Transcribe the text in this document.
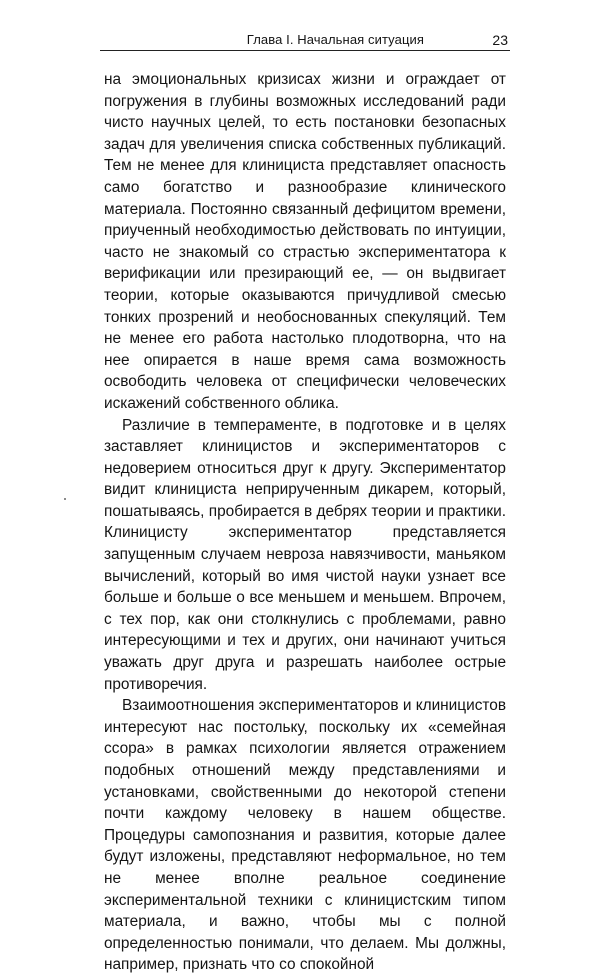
Глава I. Начальная ситуация	23

на эмоциональных кризисах жизни и ограждает от погружения в глубины возможных исследований ради чисто научных целей, то есть постановки безопасных задач для увеличения списка собственных публикаций. Тем не менее для клинициста представляет опасность само богатство и разнообразие клинического материала. Постоянно связанный дефицитом времени, приученный необходимостью действовать по интуиции, часто не знакомый со страстью экспериментатора к верификации или презирающий ее, — он выдвигает теории, которые оказываются причудливой смесью тонких прозрений и необоснованных спекуляций. Тем не менее его работа настолько плодотворна, что на нее опирается в наше время сама возможность освободить человека от специфически человеческих искажений собственного облика.

Различие в темпераменте, в подготовке и в целях заставляет клиницистов и экспериментаторов с недоверием относиться друг к другу. Экспериментатор видит клинициста неприрученным дикарем, который, пошатываясь, пробирается в дебрях теории и практики. Клиницисту экспериментатор представляется запущенным случаем невроза навязчивости, маньяком вычислений, который во имя чистой науки узнает все больше и больше о все меньшем и меньшем. Впрочем, с тех пор, как они столкнулись с проблемами, равно интересующими и тех и других, они начинают учиться уважать друг друга и разрешать наиболее острые противоречия.

Взаимоотношения экспериментаторов и клиницистов интересуют нас постольку, поскольку их «семейная ссора» в рамках психологии является отражением подобных отношений между представлениями и установками, свойственными до некоторой степени почти каждому человеку в нашем обществе. Процедуры самопознания и развития, которые далее будут изложены, представляют неформальное, но тем не менее вполне реальное соединение экспериментальной техники с клиницистским типом материала, и важно, чтобы мы с полной определенностью понимали, что делаем. Мы должны, например, признать что со спокойной
